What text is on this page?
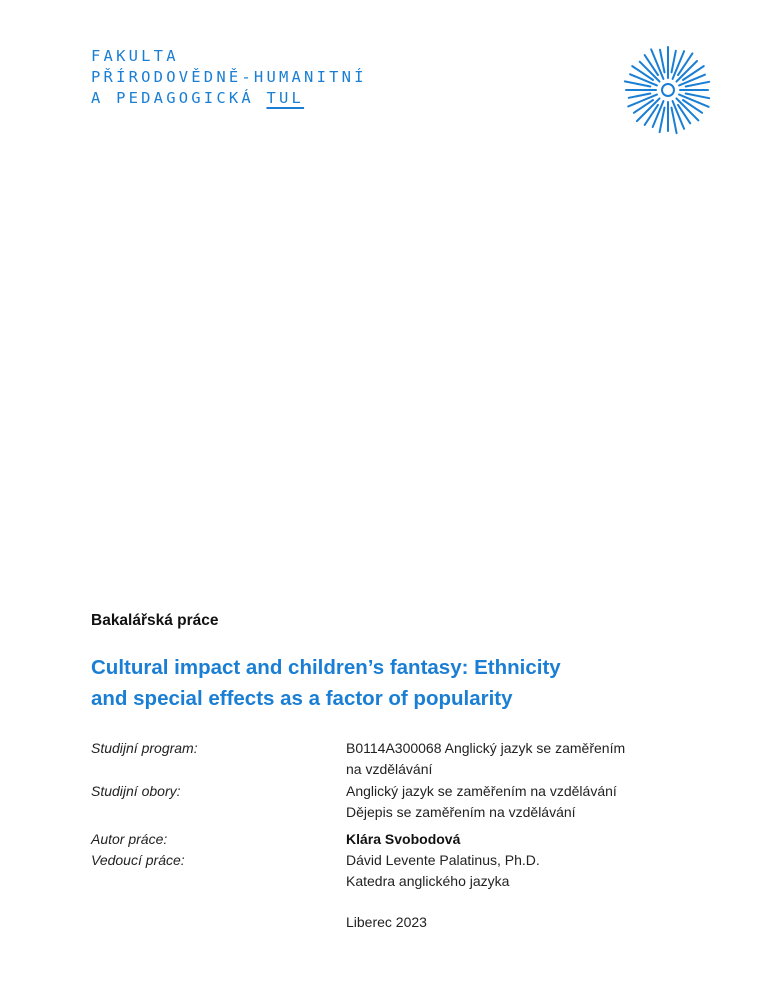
FAKULTA
PŘÍRODOVĚDNĚ-HUMANITNÍ
A PEDAGOGICKÁ TUL
Bakalářská práce
Cultural impact and children’s fantasy: Ethnicity
and special effects as a factor of popularity
Studijní program:	B0114A300068 Anglický jazyk se zaměřením
na vzdělávání
Studijní obory:	Anglický jazyk se zaměřením na vzdělávání
Dějepis se zaměřením na vzdělávání
Autor práce:	Klára Svobodová
Vedoucí práce:	Dávid Levente Palatinus, Ph.D.
Katedra anglického jazyka
Liberec 2023
